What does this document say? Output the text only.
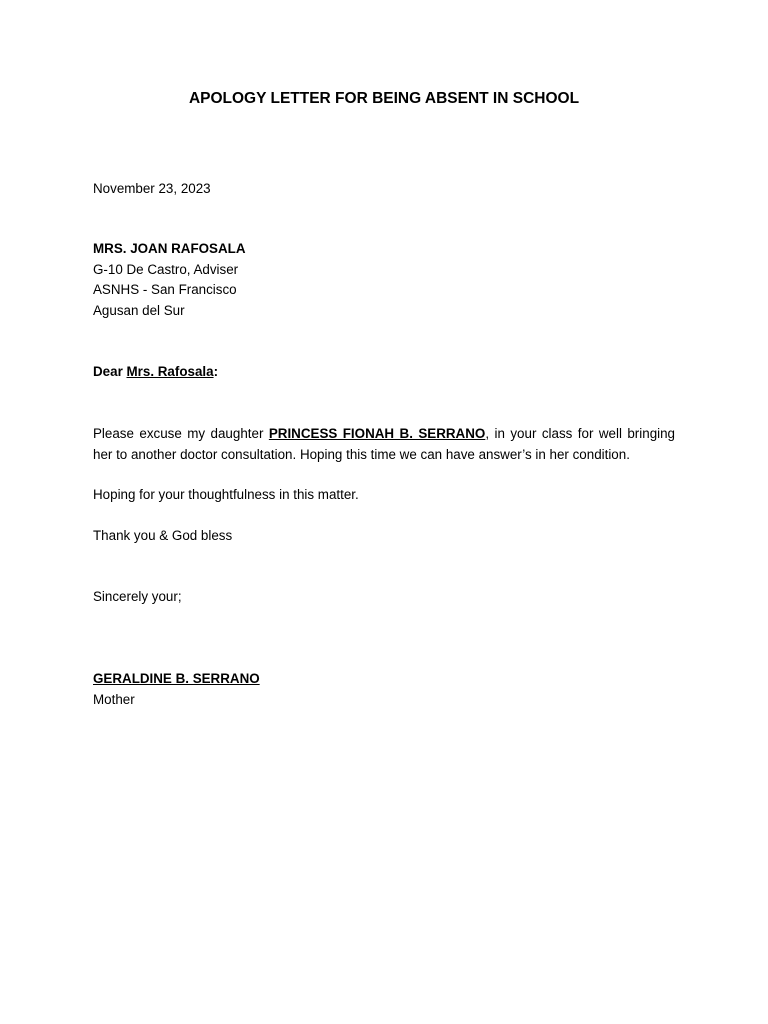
APOLOGY LETTER FOR BEING ABSENT IN SCHOOL
November 23, 2023
MRS. JOAN RAFOSALA
G-10 De Castro, Adviser
ASNHS - San Francisco
Agusan del Sur
Dear Mrs. Rafosala:
Please excuse my daughter PRINCESS FIONAH B. SERRANO, in your class for well bringing her to another doctor consultation. Hoping this time we can have answer’s in her condition.
Hoping for your thoughtfulness in this matter.
Thank you & God bless
Sincerely your;
GERALDINE B. SERRANO
Mother
